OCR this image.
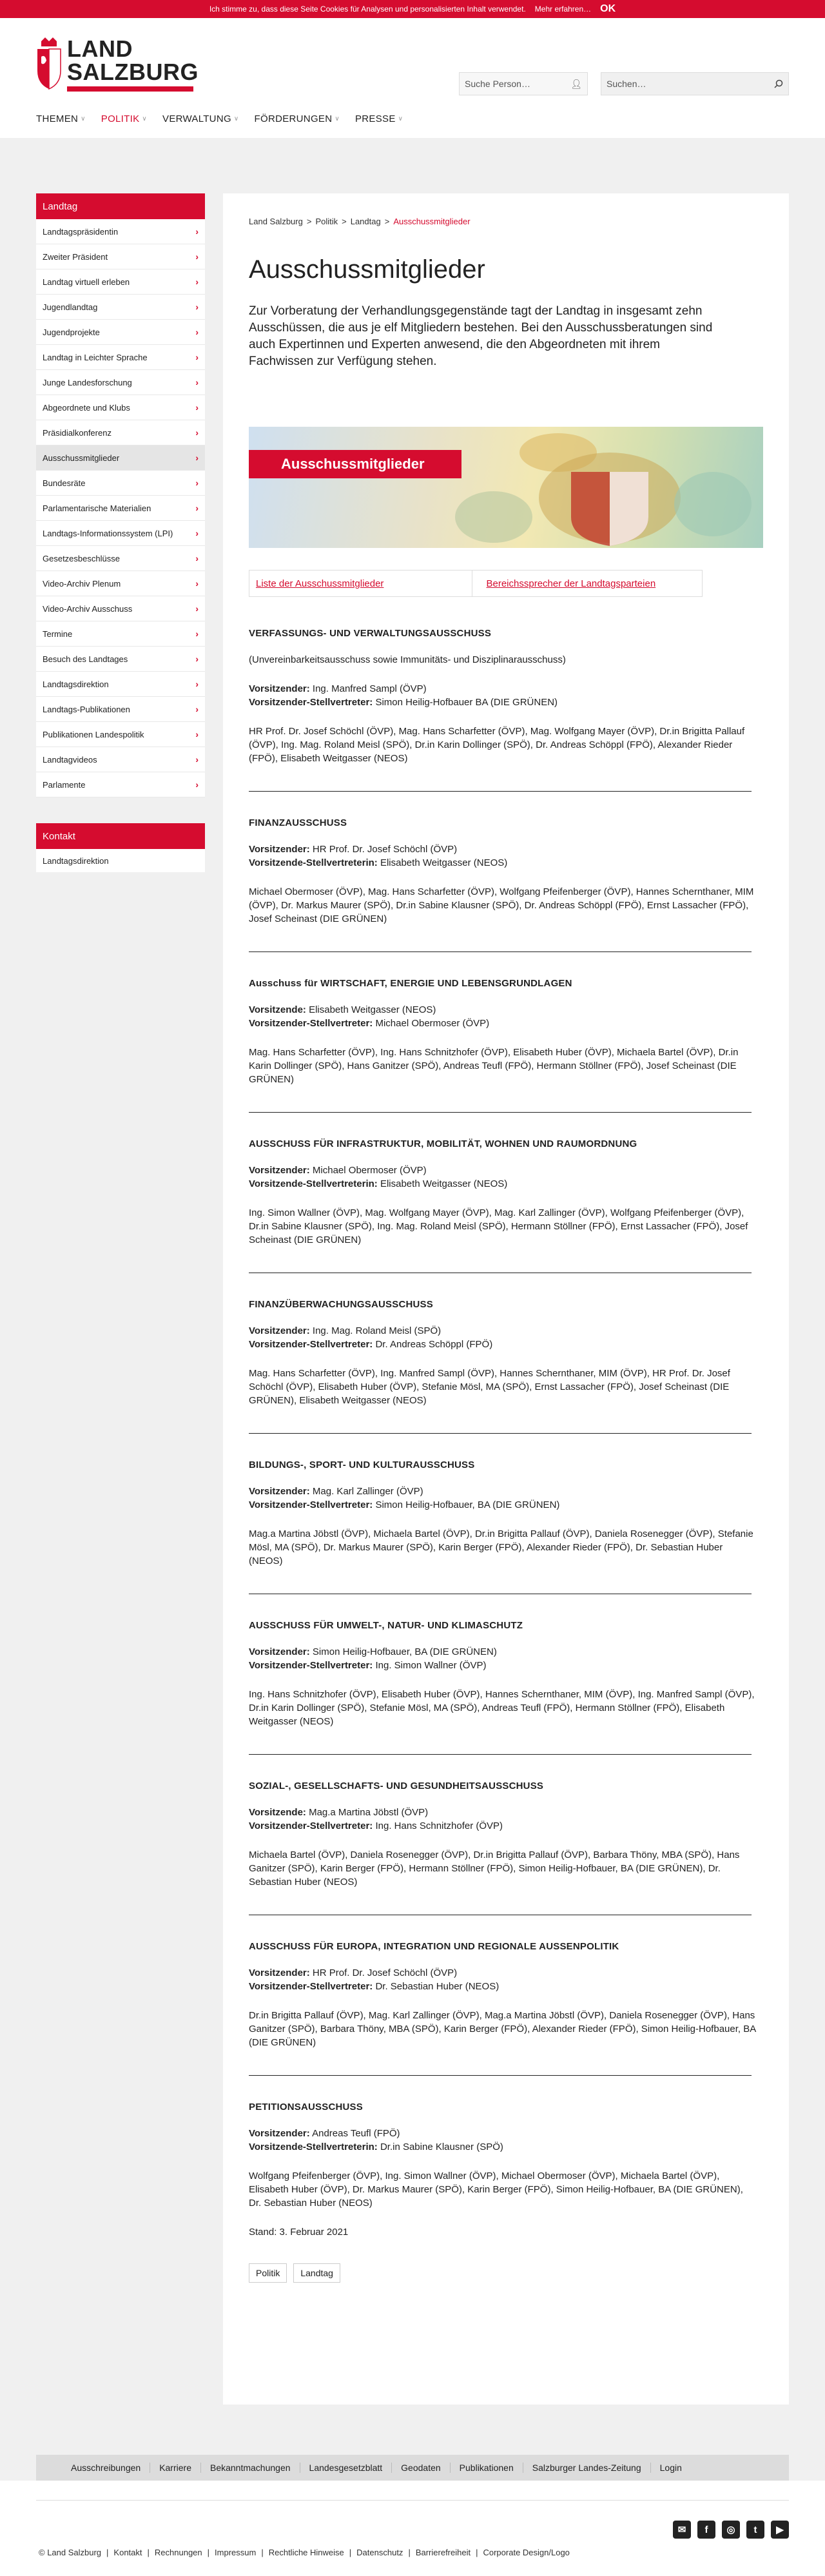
Ich stimme zu, dass diese Seite Cookies für Analysen und personalisierten Inhalt verwendet. Mehr erfahren… OK
LAND
SALZBURG	Suche Person…	👤︎	Suchen…
THEMEN ∨ POLITIK ∨ VERWALTUNG ∨ FÖRDERUNGEN ∨ PRESSE ∨
Landtag
Landtagspräsidentin	›
Zweiter Präsident	›
Landtag virtuell erleben	›
Jugendlandtag	›
Jugendprojekte	›
Landtag in Leichter Sprache	›
Junge Landesforschung	›
Abgeordnete und Klubs	›
Präsidialkonferenz	›
Ausschussmitglieder	›
Bundesräte	›
Parlamentarische Materialien	›
Landtags-Informationssystem (LPI)	›
Gesetzesbeschlüsse	›
Video-Archiv Plenum	›
Video-Archiv Ausschuss	›
Termine	›
Besuch des Landtages	›
Landtagsdirektion	›
Landtags-Publikationen	›
Publikationen Landespolitik	›
Landtagvideos	›
Parlamente	›
Kontakt
Landtagsdirektion
Land Salzburg > Politik > Landtag > Ausschussmitglieder
Ausschussmitglieder

Zur Vorberatung der Verhandlungsgegenstände tagt der Landtag in insgesamt zehn Ausschüssen, die aus je elf Mitgliedern bestehen. Bei den Ausschussberatungen sind auch Expertinnen und Experten anwesend, die den Abgeordneten mit ihrem Fachwissen zur Verfügung stehen.

Ausschussmitglieder
Liste der Ausschussmitglieder	Bereichssprecher der Landtagsparteien
VERFASSUNGS- UND VERWALTUNGSAUSSCHUSS

(Unvereinbarkeitsausschuss sowie Immunitäts- und Disziplinarausschuss)

Vorsitzender: Ing. Manfred Sampl (ÖVP)

Vorsitzender-Stellvertreter: Simon Heilig-Hofbauer BA (DIE GRÜNEN)

HR Prof. Dr. Josef Schöchl (ÖVP), Mag. Hans Scharfetter (ÖVP), Mag. Wolfgang Mayer (ÖVP), Dr.in Brigitta Pallauf (ÖVP), Ing. Mag. Roland Meisl (SPÖ), Dr.in Karin Dollinger (SPÖ), Dr. Andreas Schöppl (FPÖ), Alexander Rieder (FPÖ), Elisabeth Weitgasser (NEOS)

FINANZAUSSCHUSS

Vorsitzender: HR Prof. Dr. Josef Schöchl (ÖVP)

Vorsitzende-Stellvertreterin: Elisabeth Weitgasser (NEOS)

Michael Obermoser (ÖVP), Mag. Hans Scharfetter (ÖVP), Wolfgang Pfeifenberger (ÖVP), Hannes Schernthaner, MIM (ÖVP), Dr. Markus Maurer (SPÖ), Dr.in Sabine Klausner (SPÖ), Dr. Andreas Schöppl (FPÖ), Ernst Lassacher (FPÖ), Josef Scheinast (DIE GRÜNEN)

Ausschuss für WIRTSCHAFT, ENERGIE UND LEBENSGRUNDLAGEN

Vorsitzende: Elisabeth Weitgasser (NEOS)

Vorsitzender-Stellvertreter: Michael Obermoser (ÖVP)

Mag. Hans Scharfetter (ÖVP), Ing. Hans Schnitzhofer (ÖVP), Elisabeth Huber (ÖVP), Michaela Bartel (ÖVP), Dr.in Karin Dollinger (SPÖ), Hans Ganitzer (SPÖ), Andreas Teufl (FPÖ), Hermann Stöllner (FPÖ), Josef Scheinast (DIE GRÜNEN)

AUSSCHUSS FÜR INFRASTRUKTUR, MOBILITÄT, WOHNEN UND RAUMORDNUNG

Vorsitzender: Michael Obermoser (ÖVP)

Vorsitzende-Stellvertreterin: Elisabeth Weitgasser (NEOS)

Ing. Simon Wallner (ÖVP), Mag. Wolfgang Mayer (ÖVP), Mag. Karl Zallinger (ÖVP), Wolfgang Pfeifenberger (ÖVP), Dr.in Sabine Klausner (SPÖ), Ing. Mag. Roland Meisl (SPÖ), Hermann Stöllner (FPÖ), Ernst Lassacher (FPÖ), Josef Scheinast (DIE GRÜNEN)

FINANZÜBERWACHUNGSAUSSCHUSS

Vorsitzender: Ing. Mag. Roland Meisl (SPÖ)

Vorsitzender-Stellvertreter: Dr. Andreas Schöppl (FPÖ)

Mag. Hans Scharfetter (ÖVP), Ing. Manfred Sampl (ÖVP), Hannes Schernthaner, MIM (ÖVP), HR Prof. Dr. Josef Schöchl (ÖVP), Elisabeth Huber (ÖVP), Stefanie Mösl, MA (SPÖ), Ernst Lassacher (FPÖ), Josef Scheinast (DIE GRÜNEN), Elisabeth Weitgasser (NEOS)

BILDUNGS-, SPORT- UND KULTURAUSSCHUSS

Vorsitzender: Mag. Karl Zallinger (ÖVP)

Vorsitzender-Stellvertreter: Simon Heilig-Hofbauer, BA (DIE GRÜNEN)

Mag.a Martina Jöbstl (ÖVP), Michaela Bartel (ÖVP), Dr.in Brigitta Pallauf (ÖVP), Daniela Rosenegger (ÖVP), Stefanie Mösl, MA (SPÖ), Dr. Markus Maurer (SPÖ), Karin Berger (FPÖ), Alexander Rieder (FPÖ), Dr. Sebastian Huber (NEOS)

AUSSCHUSS FÜR UMWELT-, NATUR- UND KLIMASCHUTZ

Vorsitzender: Simon Heilig-Hofbauer, BA (DIE GRÜNEN)

Vorsitzender-Stellvertreter: Ing. Simon Wallner (ÖVP)

Ing. Hans Schnitzhofer (ÖVP), Elisabeth Huber (ÖVP), Hannes Schernthaner, MIM (ÖVP), Ing. Manfred Sampl (ÖVP), Dr.in Karin Dollinger (SPÖ), Stefanie Mösl, MA (SPÖ), Andreas Teufl (FPÖ), Hermann Stöllner (FPÖ), Elisabeth Weitgasser (NEOS)

SOZIAL-, GESELLSCHAFTS- UND GESUNDHEITSAUSSCHUSS

Vorsitzende: Mag.a Martina Jöbstl (ÖVP)

Vorsitzender-Stellvertreter: Ing. Hans Schnitzhofer (ÖVP)

Michaela Bartel (ÖVP), Daniela Rosenegger (ÖVP), Dr.in Brigitta Pallauf (ÖVP), Barbara Thöny, MBA (SPÖ), Hans Ganitzer (SPÖ), Karin Berger (FPÖ), Hermann Stöllner (FPÖ), Simon Heilig-Hofbauer, BA (DIE GRÜNEN), Dr. Sebastian Huber (NEOS)

AUSSCHUSS FÜR EUROPA, INTEGRATION UND REGIONALE AUSSENPOLITIK

Vorsitzender: HR Prof. Dr. Josef Schöchl (ÖVP)

Vorsitzender-Stellvertreter: Dr. Sebastian Huber (NEOS)

Dr.in Brigitta Pallauf (ÖVP), Mag. Karl Zallinger (ÖVP), Mag.a Martina Jöbstl (ÖVP), Daniela Rosenegger (ÖVP), Hans Ganitzer (SPÖ), Barbara Thöny, MBA (SPÖ), Karin Berger (FPÖ), Alexander Rieder (FPÖ), Simon Heilig-Hofbauer, BA (DIE GRÜNEN)

PETITIONSAUSSCHUSS

Vorsitzender: Andreas Teufl (FPÖ)

Vorsitzende-Stellvertreterin: Dr.in Sabine Klausner (SPÖ)

Wolfgang Pfeifenberger (ÖVP), Ing. Simon Wallner (ÖVP), Michael Obermoser (ÖVP), Michaela Bartel (ÖVP), Elisabeth Huber (ÖVP), Dr. Markus Maurer (SPÖ), Karin Berger (FPÖ), Simon Heilig-Hofbauer, BA (DIE GRÜNEN), Dr. Sebastian Huber (NEOS)

Stand: 3. Februar 2021

Politik	Landtag
Ausschreibungen	Karriere	Bekanntmachungen	Landesgesetzblatt	Geodaten	Publikationen	Salzburger Landes-Zeitung	Login
✉	f	◎	t	▶
© Land Salzburg | Kontakt | Rechnungen | Impressum | Rechtliche Hinweise | Datenschutz | Barrierefreiheit | Corporate Design/Logo
